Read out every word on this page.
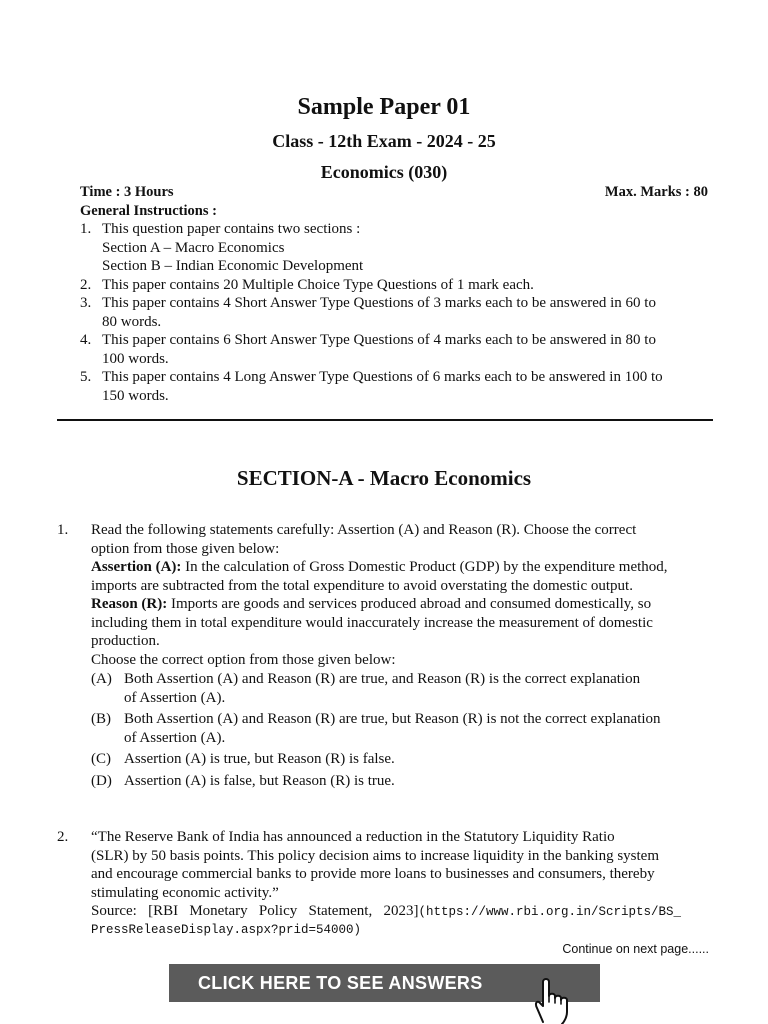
Sample Paper 01
Class - 12th Exam - 2024 - 25
Economics (030)
Time : 3 Hours	Max. Marks : 80
General Instructions :
1. This question paper contains two sections :
Section A – Macro Economics
Section B – Indian Economic Development
2. This paper contains 20 Multiple Choice Type Questions of 1 mark each.
3. This paper contains 4 Short Answer Type Questions of 3 marks each to be answered in 60 to
80 words.
4. This paper contains 6 Short Answer Type Questions of 4 marks each to be answered in 80 to
100 words.
5. This paper contains 4 Long Answer Type Questions of 6 marks each to be answered in 100 to
150 words.
SECTION-A - Macro Economics
1. Read the following statements carefully: Assertion (A) and Reason (R). Choose the correct
option from those given below:
Assertion (A): In the calculation of Gross Domestic Product (GDP) by the expenditure method,
imports are subtracted from the total expenditure to avoid overstating the domestic output.
Reason (R): Imports are goods and services produced abroad and consumed domestically, so
including them in total expenditure would inaccurately increase the measurement of domestic
production.
Choose the correct option from those given below:
(A) Both Assertion (A) and Reason (R) are true, and Reason (R) is the correct explanation
of Assertion (A).
(B) Both Assertion (A) and Reason (R) are true, but Reason (R) is not the correct explanation
of Assertion (A).
(C) Assertion (A) is true, but Reason (R) is false.
(D) Assertion (A) is false, but Reason (R) is true.
2. “The Reserve Bank of India has announced a reduction in the Statutory Liquidity Ratio
(SLR) by 50 basis points. This policy decision aims to increase liquidity in the banking system
and encourage commercial banks to provide more loans to businesses and consumers, thereby
stimulating economic activity.”
Source:   [RBI   Monetary   Policy   Statement,   2023](https://www.rbi.org.in/Scripts/BS_
PressReleaseDisplay.aspx?prid=54000)
Continue on next page......
CLICK HERE TO SEE ANSWERS
